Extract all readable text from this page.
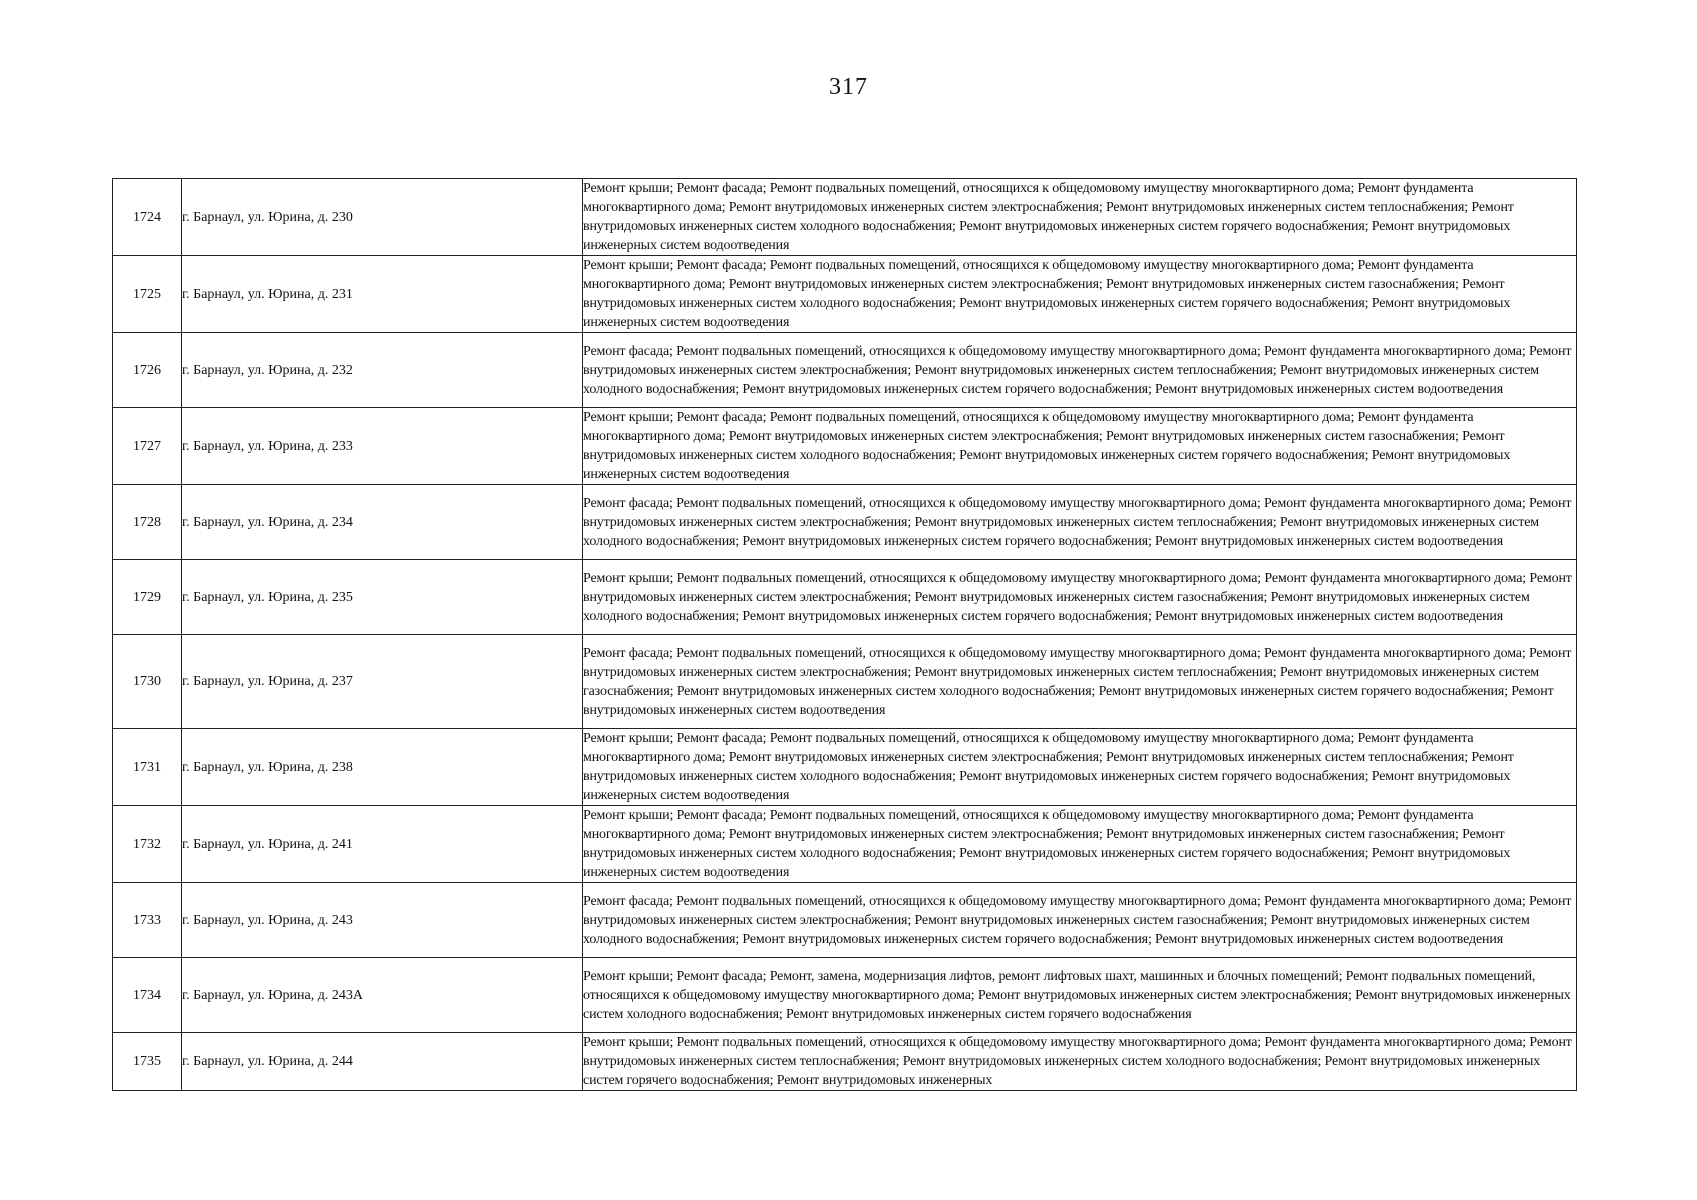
317
1724	г. Барнаул, ул. Юрина, д. 230	Ремонт крыши; Ремонт фасада; Ремонт подвальных помещений, относящихся к общедомовому имуществу многоквартирного дома; Ремонт фундамента многоквартирного дома; Ремонт внутридомовых инженерных систем электроснабжения; Ремонт внутридомовых инженерных систем теплоснабжения; Ремонт внутридомовых инженерных систем холодного водоснабжения; Ремонт внутридомовых инженерных систем горячего водоснабжения; Ремонт внутридомовых инженерных систем водоотведения
1725	г. Барнаул, ул. Юрина, д. 231	Ремонт крыши; Ремонт фасада; Ремонт подвальных помещений, относящихся к общедомовому имуществу многоквартирного дома; Ремонт фундамента многоквартирного дома; Ремонт внутридомовых инженерных систем электроснабжения; Ремонт внутридомовых инженерных систем газоснабжения; Ремонт внутридомовых инженерных систем холодного водоснабжения; Ремонт внутридомовых инженерных систем горячего водоснабжения; Ремонт внутридомовых инженерных систем водоотведения
1726	г. Барнаул, ул. Юрина, д. 232	Ремонт фасада; Ремонт подвальных помещений, относящихся к общедомовому имуществу многоквартирного дома; Ремонт фундамента многоквартирного дома; Ремонт внутридомовых инженерных систем электроснабжения; Ремонт внутридомовых инженерных систем теплоснабжения; Ремонт внутридомовых инженерных систем холодного водоснабжения; Ремонт внутридомовых инженерных систем горячего водоснабжения; Ремонт внутридомовых инженерных систем водоотведения
1727	г. Барнаул, ул. Юрина, д. 233	Ремонт крыши; Ремонт фасада; Ремонт подвальных помещений, относящихся к общедомовому имуществу многоквартирного дома; Ремонт фундамента многоквартирного дома; Ремонт внутридомовых инженерных систем электроснабжения; Ремонт внутридомовых инженерных систем газоснабжения; Ремонт внутридомовых инженерных систем холодного водоснабжения; Ремонт внутридомовых инженерных систем горячего водоснабжения; Ремонт внутридомовых инженерных систем водоотведения
1728	г. Барнаул, ул. Юрина, д. 234	Ремонт фасада; Ремонт подвальных помещений, относящихся к общедомовому имуществу многоквартирного дома; Ремонт фундамента многоквартирного дома; Ремонт внутридомовых инженерных систем электроснабжения; Ремонт внутридомовых инженерных систем теплоснабжения; Ремонт внутридомовых инженерных систем холодного водоснабжения; Ремонт внутридомовых инженерных систем горячего водоснабжения; Ремонт внутридомовых инженерных систем водоотведения
1729	г. Барнаул, ул. Юрина, д. 235	Ремонт крыши; Ремонт подвальных помещений, относящихся к общедомовому имуществу многоквартирного дома; Ремонт фундамента многоквартирного дома; Ремонт внутридомовых инженерных систем электроснабжения; Ремонт внутридомовых инженерных систем газоснабжения; Ремонт внутридомовых инженерных систем холодного водоснабжения; Ремонт внутридомовых инженерных систем горячего водоснабжения; Ремонт внутридомовых инженерных систем водоотведения
1730	г. Барнаул, ул. Юрина, д. 237	Ремонт фасада; Ремонт подвальных помещений, относящихся к общедомовому имуществу многоквартирного дома; Ремонт фундамента многоквартирного дома; Ремонт внутридомовых инженерных систем электроснабжения; Ремонт внутридомовых инженерных систем теплоснабжения; Ремонт внутридомовых инженерных систем газоснабжения; Ремонт внутридомовых инженерных систем холодного водоснабжения; Ремонт внутридомовых инженерных систем горячего водоснабжения; Ремонт внутридомовых инженерных систем водоотведения
1731	г. Барнаул, ул. Юрина, д. 238	Ремонт крыши; Ремонт фасада; Ремонт подвальных помещений, относящихся к общедомовому имуществу многоквартирного дома; Ремонт фундамента многоквартирного дома; Ремонт внутридомовых инженерных систем электроснабжения; Ремонт внутридомовых инженерных систем теплоснабжения; Ремонт внутридомовых инженерных систем холодного водоснабжения; Ремонт внутридомовых инженерных систем горячего водоснабжения; Ремонт внутридомовых инженерных систем водоотведения
1732	г. Барнаул, ул. Юрина, д. 241	Ремонт крыши; Ремонт фасада; Ремонт подвальных помещений, относящихся к общедомовому имуществу многоквартирного дома; Ремонт фундамента многоквартирного дома; Ремонт внутридомовых инженерных систем электроснабжения; Ремонт внутридомовых инженерных систем газоснабжения; Ремонт внутридомовых инженерных систем холодного водоснабжения; Ремонт внутридомовых инженерных систем горячего водоснабжения; Ремонт внутридомовых инженерных систем водоотведения
1733	г. Барнаул, ул. Юрина, д. 243	Ремонт фасада; Ремонт подвальных помещений, относящихся к общедомовому имуществу многоквартирного дома; Ремонт фундамента многоквартирного дома; Ремонт внутридомовых инженерных систем электроснабжения; Ремонт внутридомовых инженерных систем газоснабжения; Ремонт внутридомовых инженерных систем холодного водоснабжения; Ремонт внутридомовых инженерных систем горячего водоснабжения; Ремонт внутридомовых инженерных систем водоотведения
1734	г. Барнаул, ул. Юрина, д. 243А	Ремонт крыши; Ремонт фасада; Ремонт, замена, модернизация лифтов, ремонт лифтовых шахт, машинных и блочных помещений; Ремонт подвальных помещений, относящихся к общедомовому имуществу многоквартирного дома; Ремонт внутридомовых инженерных систем электроснабжения; Ремонт внутридомовых инженерных систем холодного водоснабжения; Ремонт внутридомовых инженерных систем горячего водоснабжения
1735	г. Барнаул, ул. Юрина, д. 244	Ремонт крыши; Ремонт подвальных помещений, относящихся к общедомовому имуществу многоквартирного дома; Ремонт фундамента многоквартирного дома; Ремонт внутридомовых инженерных систем теплоснабжения; Ремонт внутридомовых инженерных систем холодного водоснабжения; Ремонт внутридомовых инженерных систем горячего водоснабжения; Ремонт внутридомовых инженерных
